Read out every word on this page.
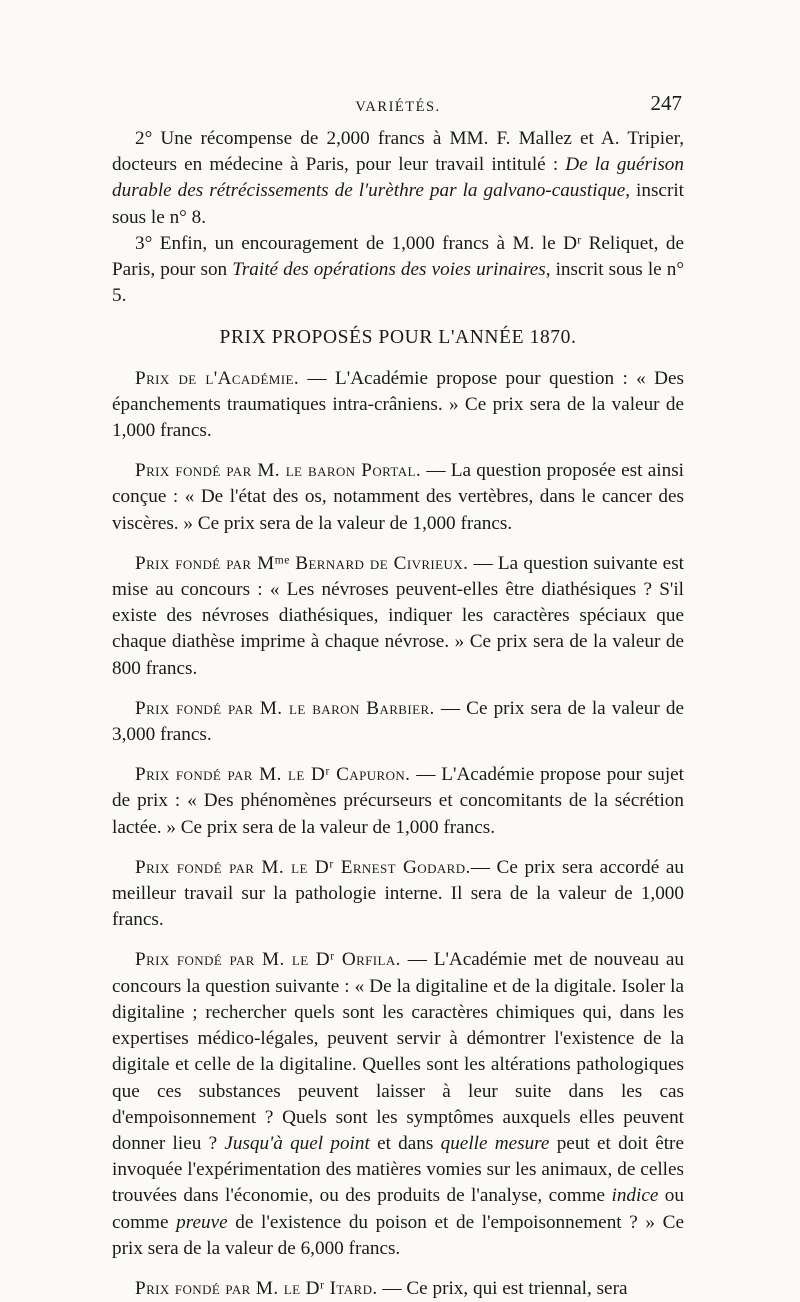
VARIÉTÉS.	247

2° Une récompense de 2,000 francs à MM. F. Mallez et A. Tripier, docteurs en médecine à Paris, pour leur travail intitulé : De la guérison durable des rétrécissements de l'urèthre par la galvano-caustique, inscrit sous le n° 8.

3° Enfin, un encouragement de 1,000 francs à M. le Dʳ Reliquet, de Paris, pour son Traité des opérations des voies urinaires, inscrit sous le n° 5.

PRIX PROPOSÉS POUR L'ANNÉE 1870.

Prix de l'Académie. — L'Académie propose pour question : « Des épanchements traumatiques intra-crâniens. » Ce prix sera de la valeur de 1,000 francs.

Prix fondé par M. le baron Portal. — La question proposée est ainsi conçue : « De l'état des os, notamment des vertèbres, dans le cancer des viscères. » Ce prix sera de la valeur de 1,000 francs.

Prix fondé par Mᵐᵉ Bernard de Civrieux. — La question suivante est mise au concours : « Les névroses peuvent-elles être diathésiques ? S'il existe des névroses diathésiques, indiquer les caractères spéciaux que chaque diathèse imprime à chaque névrose. » Ce prix sera de la valeur de 800 francs.

Prix fondé par M. le baron Barbier. — Ce prix sera de la valeur de 3,000 francs.

Prix fondé par M. le Dʳ Capuron. — L'Académie propose pour sujet de prix : « Des phénomènes précurseurs et concomitants de la sécrétion lactée. » Ce prix sera de la valeur de 1,000 francs.

Prix fondé par M. le Dʳ Ernest Godard.— Ce prix sera accordé au meilleur travail sur la pathologie interne. Il sera de la valeur de 1,000 francs.

Prix fondé par M. le Dʳ Orfila. — L'Académie met de nouveau au concours la question suivante : « De la digitaline et de la digitale. Isoler la digitaline ; rechercher quels sont les caractères chimiques qui, dans les expertises médico-légales, peuvent servir à démontrer l'existence de la digitale et celle de la digitaline. Quelles sont les altérations pathologiques que ces substances peuvent laisser à leur suite dans les cas d'empoisonnement ? Quels sont les symptômes auxquels elles peuvent donner lieu ? Jusqu'à quel point et dans quelle mesure peut et doit être invoquée l'expérimentation des matières vomies sur les animaux, de celles trouvées dans l'économie, ou des produits de l'analyse, comme indice ou comme preuve de l'existence du poison et de l'empoisonnement ? » Ce prix sera de la valeur de 6,000 francs.

Prix fondé par M. le Dʳ Itard. — Ce prix, qui est triennal, sera
